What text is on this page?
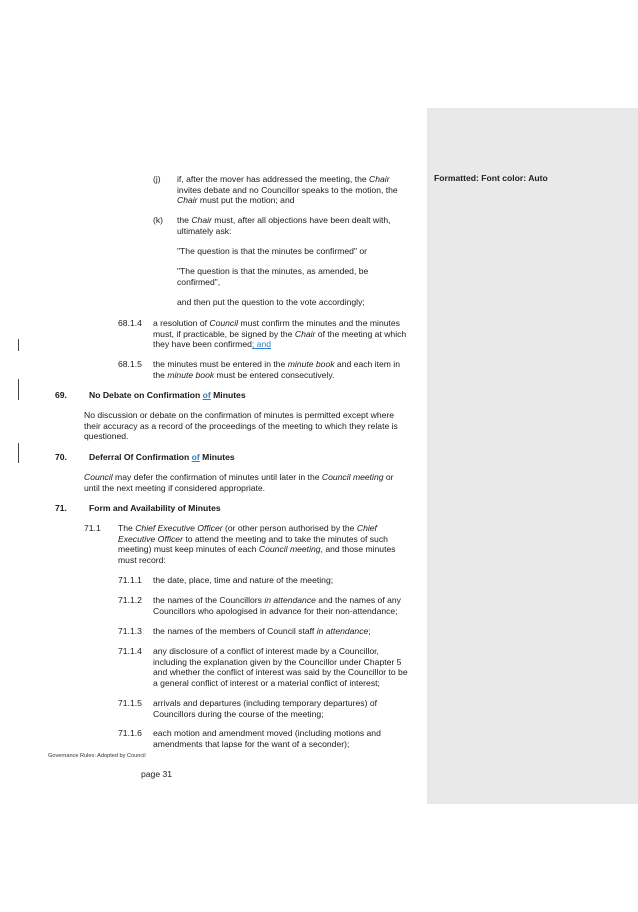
Formatted: Font color: Auto
(j) if, after the mover has addressed the meeting, the Chair
invites debate and no Councillor speaks to the motion, the
Chair must put the motion; and
(k) the Chair must, after all objections have been dealt with,
ultimately ask:
"The question is that the minutes be confirmed" or
"The question is that the minutes, as amended, be
confirmed",
and then put the question to the vote accordingly;
68.1.4 a resolution of Council must confirm the minutes and the minutes
must, if practicable, be signed by the Chair of the meeting at which
they have been confirmed; and
68.1.5 the minutes must be entered in the minute book and each item in
the minute book must be entered consecutively.
69.	No Debate on Confirmation of Minutes
No discussion or debate on the confirmation of minutes is permitted except where
their accuracy as a record of the proceedings of the meeting to which they relate is
questioned.
70.	Deferral Of Confirmation of Minutes
Council may defer the confirmation of minutes until later in the Council meeting or
until the next meeting if considered appropriate.
71.	Form and Availability of Minutes
71.1 The Chief Executive Officer (or other person authorised by the Chief
Executive Officer to attend the meeting and to take the minutes of such
meeting) must keep minutes of each Council meeting, and those minutes
must record:
71.1.1 the date, place, time and nature of the meeting;
71.1.2 the names of the Councillors in attendance and the names of any
Councillors who apologised in advance for their non-attendance;
71.1.3 the names of the members of Council staff in attendance;
71.1.4 any disclosure of a conflict of interest made by a Councillor,
including the explanation given by the Councillor under Chapter 5
and whether the conflict of interest was said by the Councillor to be
a general conflict of interest or a material conflict of interest;
71.1.5 arrivals and departures (including temporary departures) of
Councillors during the course of the meeting;
71.1.6 each motion and amendment moved (including motions and
amendments that lapse for the want of a seconder);
Governance Rules: Adopted by Council
page 31
